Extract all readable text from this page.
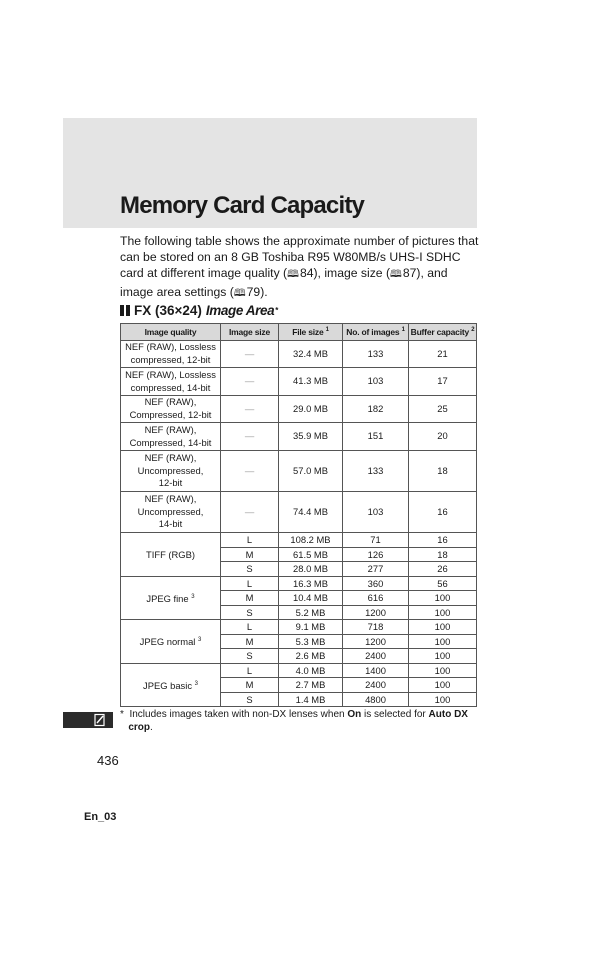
Memory Card Capacity

The following table shows the approximate number of pictures that can be stored on an 8 GB Toshiba R95 W80MB/s UHS-I SDHC card at different image quality (🕮 84), image size (🕮 87), and image area settings (🕮 79).

FX (36×24) Image Area *
Image quality	Image size	File size $^1$	No. of images $^1$	Buffer capacity $^2$
NEF (RAW), Lossless
compressed, 12-bit	—	32.4 MB	133	21
NEF (RAW), Lossless
compressed, 14-bit	—	41.3 MB	103	17
NEF (RAW),
Compressed, 12-bit	—	29.0 MB	182	25
NEF (RAW),
Compressed, 14-bit	—	35.9 MB	151	20
NEF (RAW),
Uncompressed,
12-bit	—	57.0 MB	133	18
NEF (RAW),
Uncompressed,
14-bit	—	74.4 MB	103	16
TIFF (RGB)	L	108.2 MB	71	16
	M	61.5 MB	126	18
	S	28.0 MB	277	26
JPEG fine $^3$	L	16.3 MB	360	56
	M	10.4 MB	616	100
	S	5.2 MB	1200	100
JPEG normal $^3$	L	9.1 MB	718	100
	M	5.3 MB	1200	100
	S	2.6 MB	2400	100
JPEG basic $^3$	L	4.0 MB	1400	100
	M	2.7 MB	2400	100
	S	1.4 MB	4800	100

* Includes images taken with non-DX lenses when On is selected for Auto DX
crop.

436

En_03
